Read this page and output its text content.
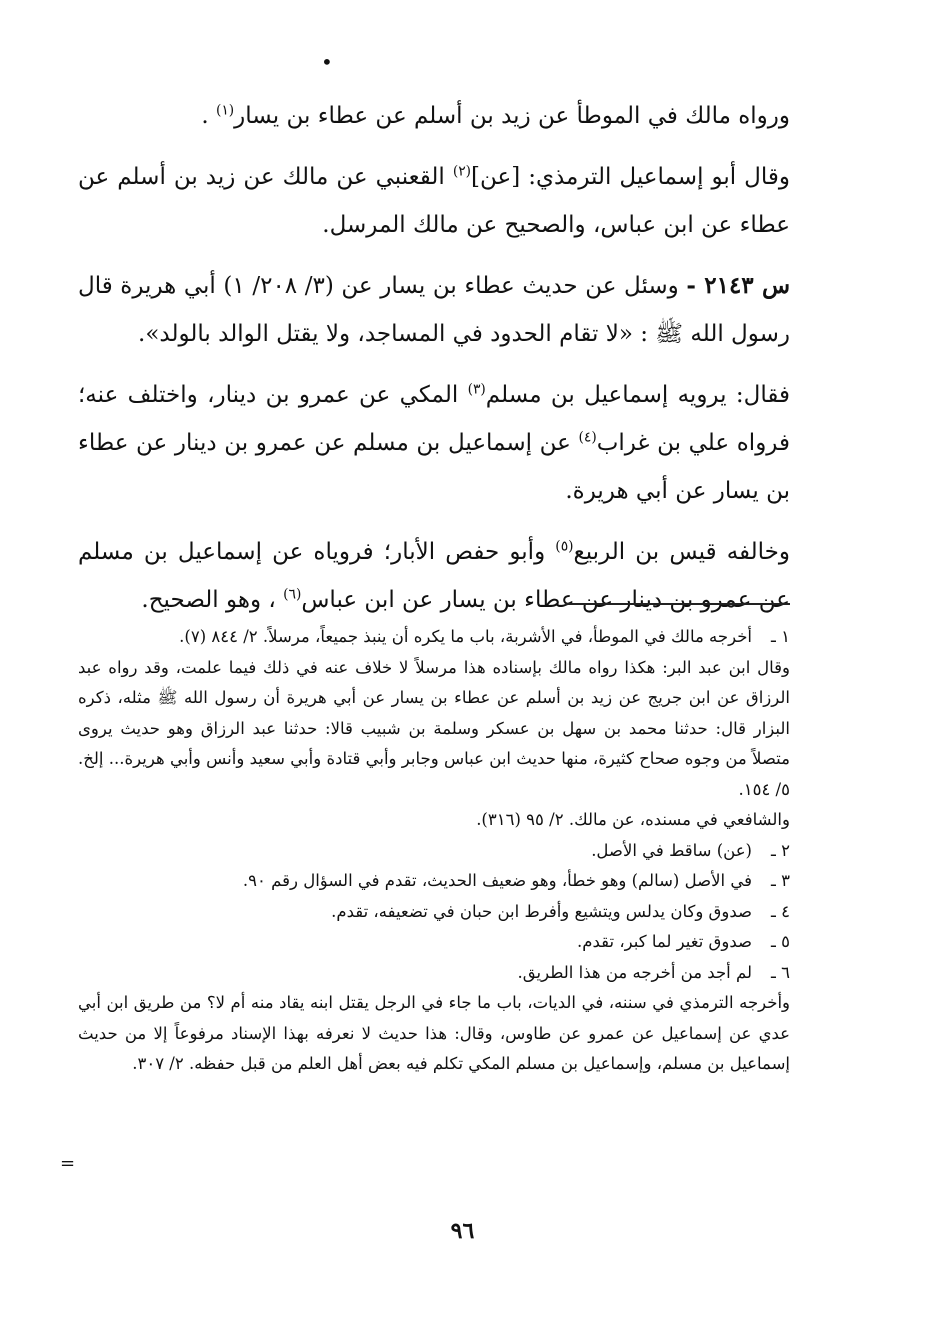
•

ورواه مالك في الموطأ عن زيد بن أسلم عن عطاء بن يسار$^{(١)}$ .

وقال أبو إسماعيل الترمذي: [عن]$^{(٢)}$ القعنبي عن مالك عن زيد بن أسلم عن عطاء عن ابن عباس، والصحيح عن مالك المرسل.

س ٢١٤٣ - وسئل عن حديث عطاء بن يسار عن (٣/ ٢٠٨/ ١) أبي هريرة قال رسول الله ﷺ : «لا تقام الحدود في المساجد، ولا يقتل الوالد بالولد».

فقال: يرويه إسماعيل بن مسلم$^{(٣)}$ المكي عن عمرو بن دينار، واختلف عنه؛ فرواه علي بن غراب$^{(٤)}$ عن إسماعيل بن مسلم عن عمرو بن دينار عن عطاء بن يسار عن أبي هريرة.

وخالفه قيس بن الربيع$^{(٥)}$ وأبو حفص الأبار؛ فروياه عن إسماعيل بن مسلم عن عمرو بن دينار عن عطاء بن يسار عن ابن عباس$^{(٦)}$ ، وهو الصحيح.

١ ـ
أخرجه مالك في الموطأ، في الأشربة، باب ما يكره أن ينبذ جميعاً، مرسلاً. ٢/ ٨٤٤ (٧).
وقال ابن عبد البر: هكذا رواه مالك بإسناده هذا مرسلاً لا خلاف عنه في ذلك فيما علمت، وقد رواه عبد الرزاق عن ابن جريج عن زيد بن أسلم عن عطاء بن يسار عن أبي هريرة أن رسول الله ﷺ مثله، ذكره البزار قال: حدثنا محمد بن سهل بن عسكر وسلمة بن شبيب قالا: حدثنا عبد الرزاق وهو حديث يروى متصلاً من وجوه صحاح كثيرة، منها حديث ابن عباس وجابر وأبي قتادة وأبي سعيد وأنس وأبي هريرة... إلخ. ٥/ ١٥٤.
والشافعي في مسنده، عن مالك. ٢/ ٩٥ (٣١٦).
٢ ـ
(عن) ساقط في الأصل.
٣ ـ
في الأصل (سالم) وهو خطأ، وهو ضعيف الحديث، تقدم في السؤال رقم ٩٠.
٤ ـ
صدوق وكان يدلس ويتشيع وأفرط ابن حبان في تضعيفه، تقدم.
٥ ـ
صدوق تغير لما كبر، تقدم.
٦ ـ
لم أجد من أخرجه من هذا الطريق.
وأخرجه الترمذي في سننه، في الديات، باب ما جاء في الرجل يقتل ابنه يقاد منه أم لا؟ من طريق ابن أبي عدي عن إسماعيل عن عمرو عن طاوس، وقال: هذا حديث لا نعرفه بهذا الإسناد مرفوعاً إلا من حديث إسماعيل بن مسلم، وإسماعيل بن مسلم المكي تكلم فيه بعض أهل العلم من قبل حفظه. ٢/ ٣٠٧.
=
٩٦
